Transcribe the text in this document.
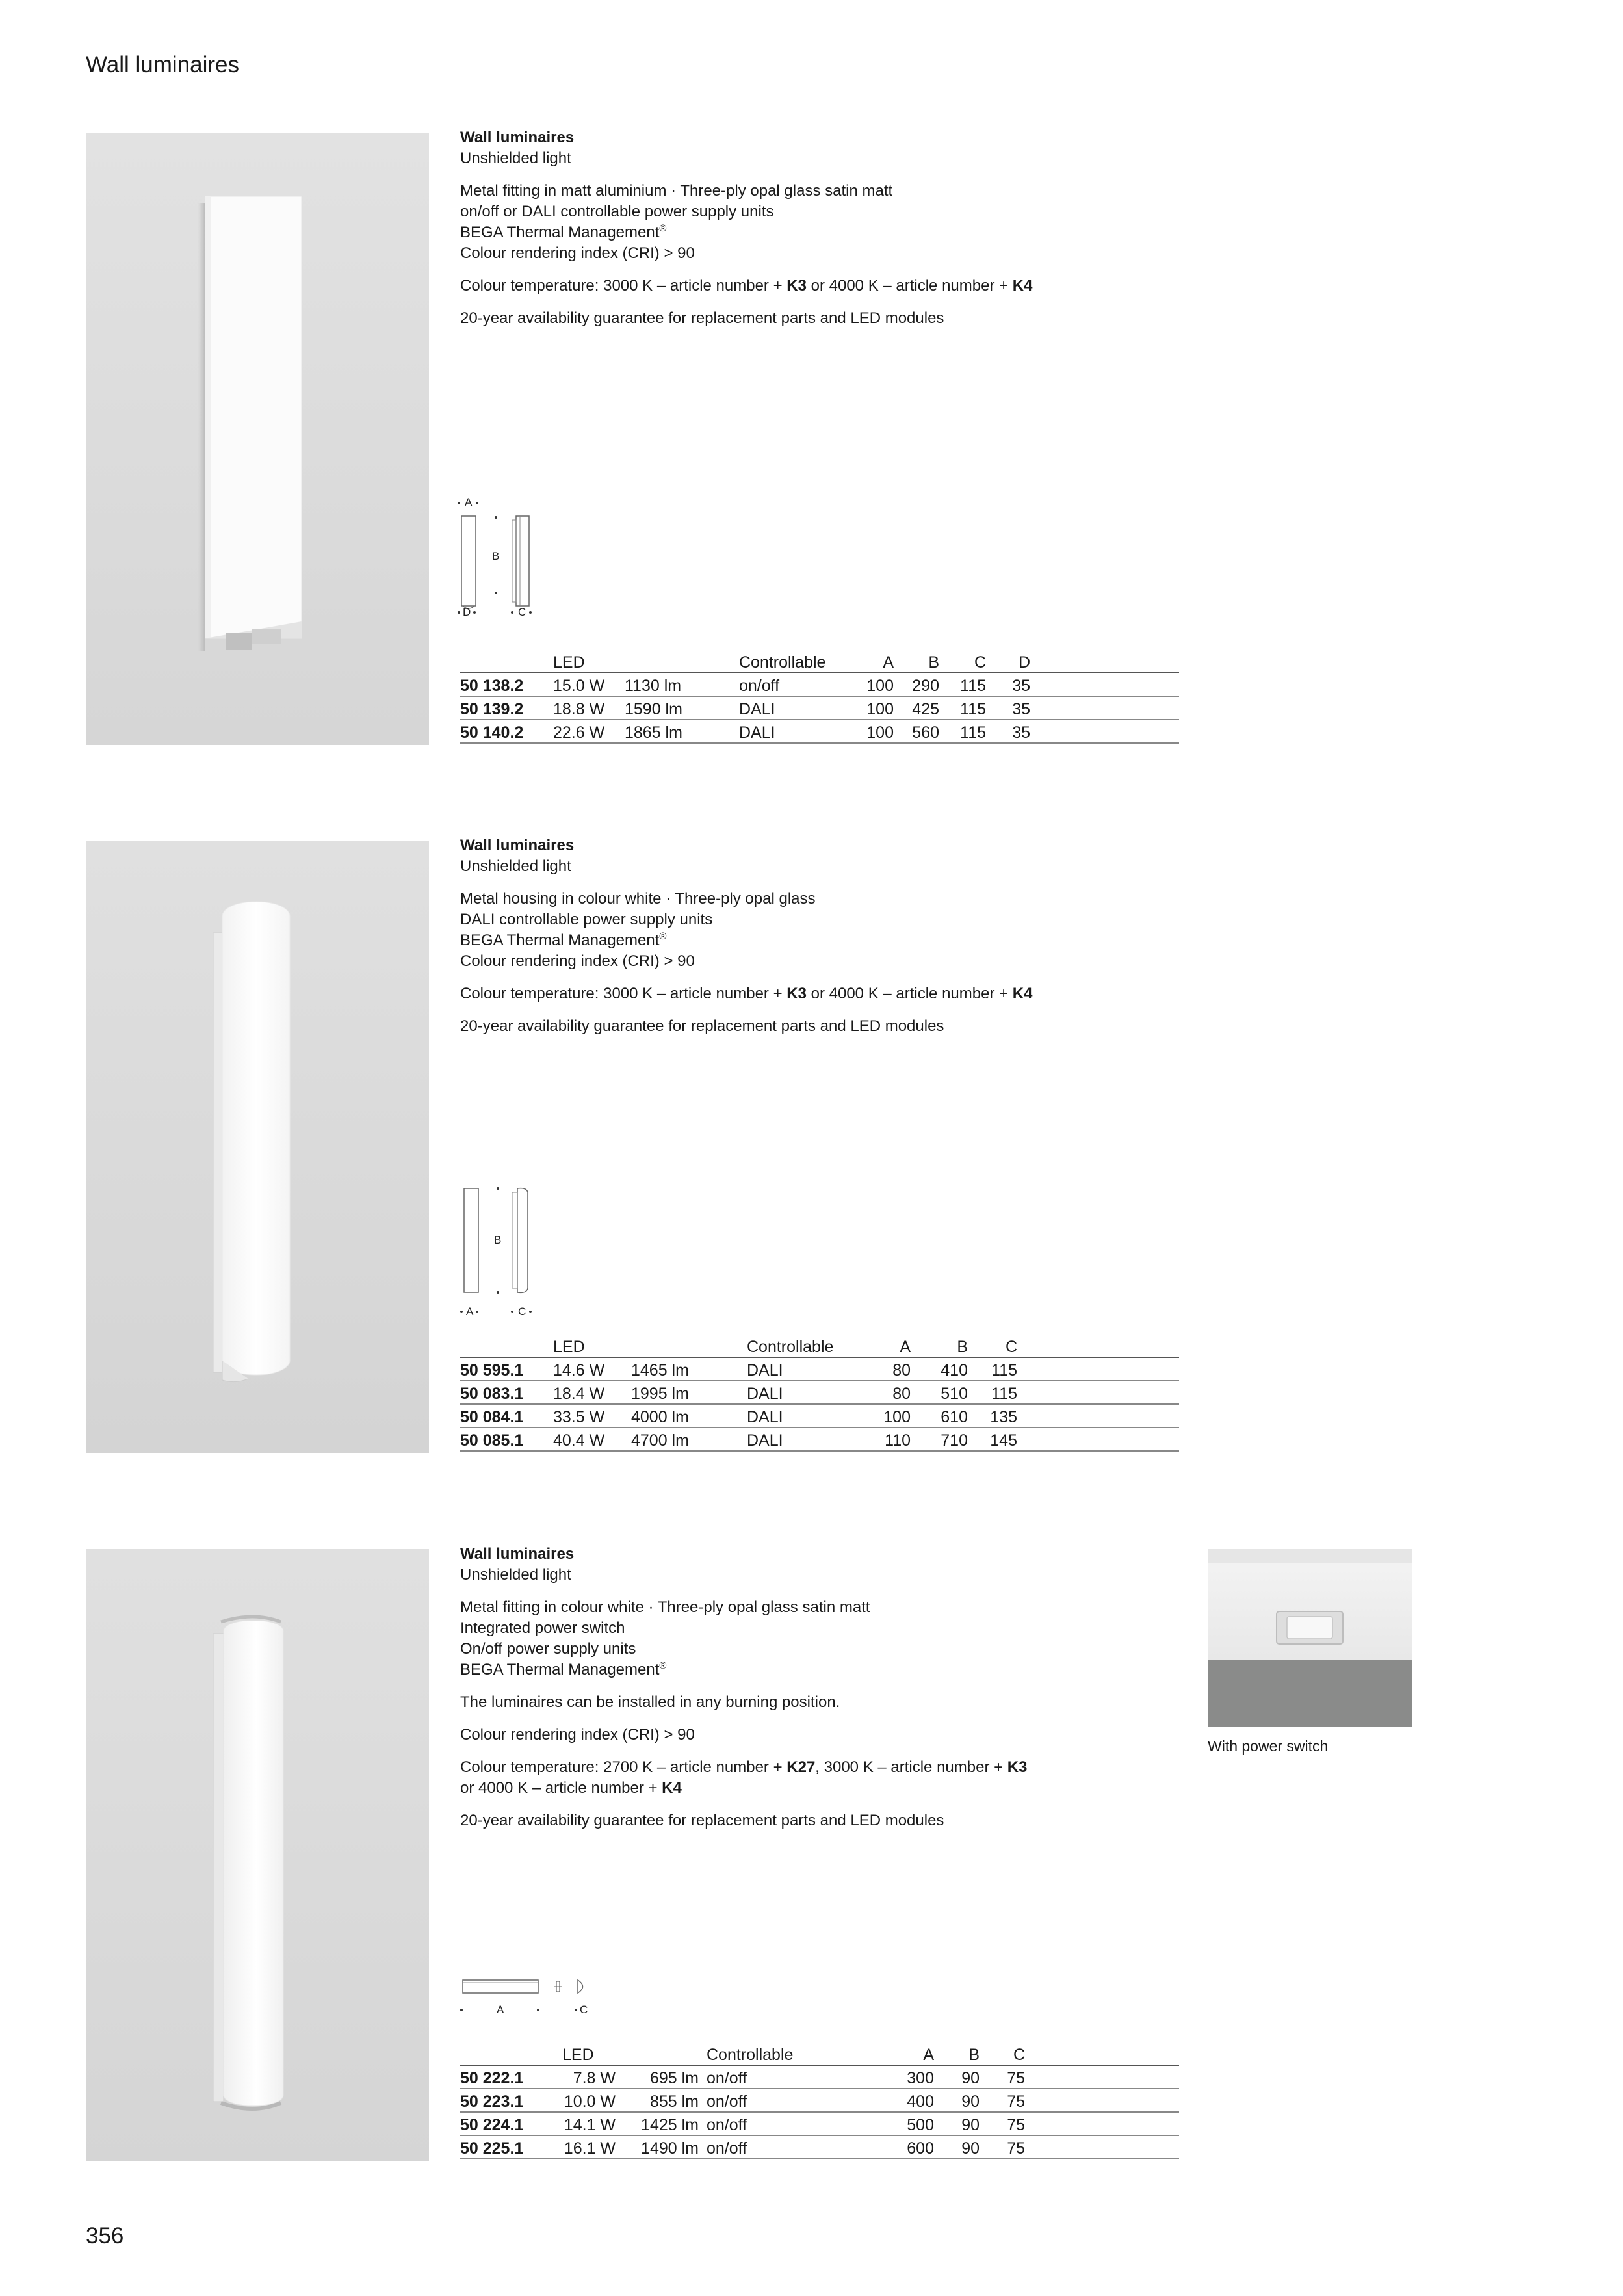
Wall luminaires
Wall luminaires

Unshielded light

Metal fitting in matt aluminium · Three-ply opal glass satin matt
on/off or DALI controllable power supply units
BEGA Thermal Management®
Colour rendering index (CRI) > 90

Colour temperature: 3000 K – article number + K3 or 4000 K – article number + K4

20-year availability guarantee for replacement parts and LED modules

A
B
D	C
	LED		Controllable	A	B	C	D	
50 138.2	15.0 W	1130 lm	on/off	100	290	115	35	
50 139.2	18.8 W	1590 lm	DALI	100	425	115	35	
50 140.2	22.6 W	1865 lm	DALI	100	560	115	35	
Wall luminaires

Unshielded light

Metal housing in colour white · Three-ply opal glass
DALI controllable power supply units
BEGA Thermal Management®
Colour rendering index (CRI) > 90

Colour temperature: 3000 K – article number + K3 or 4000 K – article number + K4

20-year availability guarantee for replacement parts and LED modules

B
A	C
	LED		Controllable	A	B	C	
50 595.1	14.6 W	1465 lm	DALI	80	410	115	
50 083.1	18.4 W	1995 lm	DALI	80	510	115	
50 084.1	33.5 W	4000 lm	DALI	100	610	135	
50 085.1	40.4 W	4700 lm	DALI	110	710	145	
Wall luminaires

Unshielded light

Metal fitting in colour white · Three-ply opal glass satin matt
Integrated power switch
On/off power supply units
BEGA Thermal Management®

The luminaires can be installed in any burning position.

Colour rendering index (CRI) > 90

Colour temperature: 2700 K – article number + K27, 3000 K – article number + K3
or 4000 K – article number + K4

20-year availability guarantee for replacement parts and LED modules

A	C
	LED		Controllable	A	B	C	
50 222.1	7.8 W	695 lm	on/off	300	90	75	
50 223.1	10.0 W	855 lm	on/off	400	90	75	
50 224.1	14.1 W	1425 lm	on/off	500	90	75	
50 225.1	16.1 W	1490 lm	on/off	600	90	75	
With power switch
356
